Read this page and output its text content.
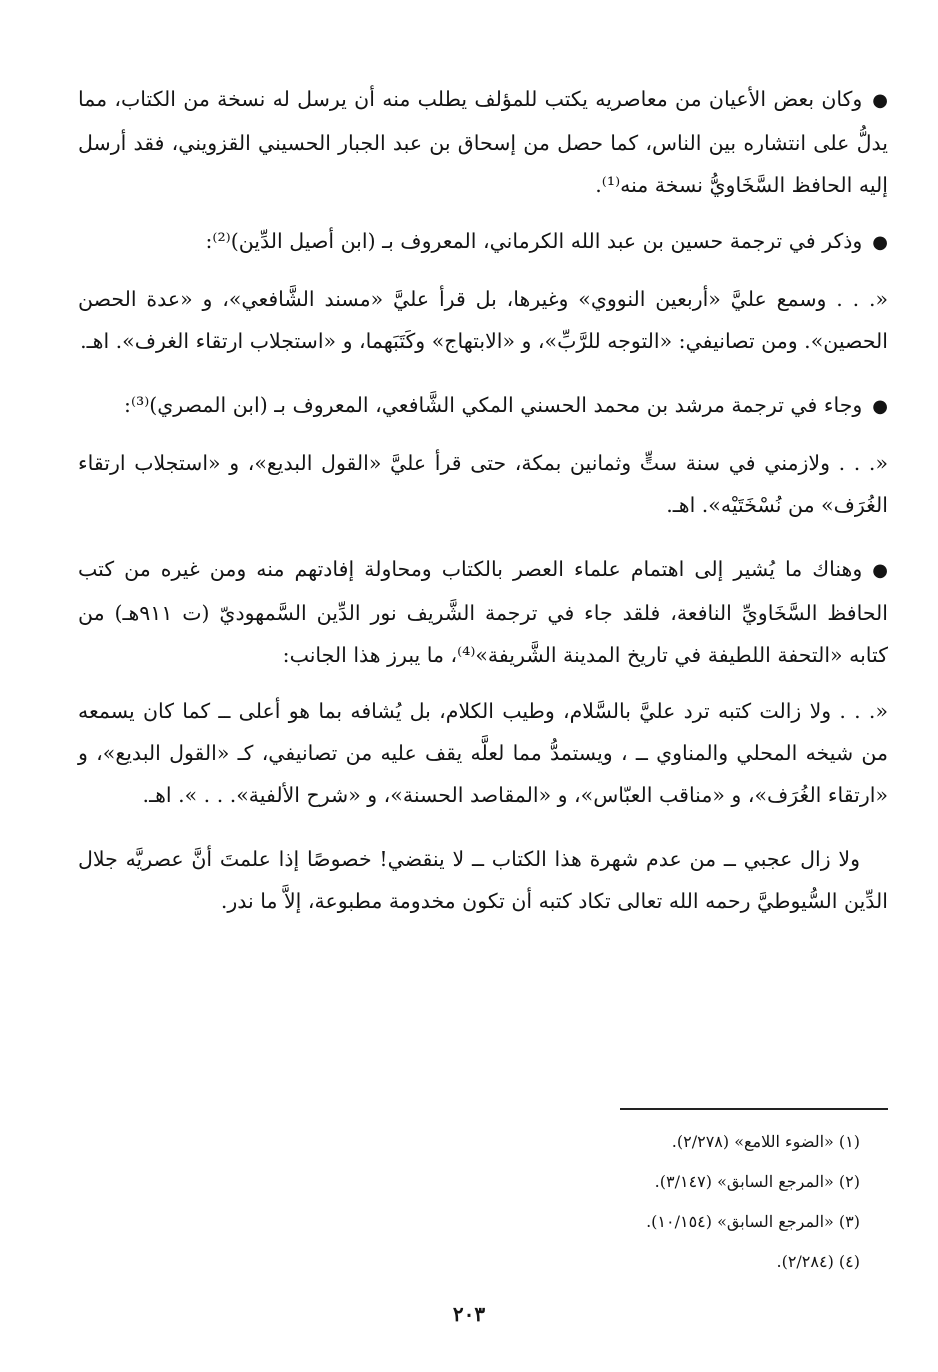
●وكان بعض الأعيان من معاصريه يكتب للمؤلف يطلب منه أن يرسل له نسخة من الكتاب، مما يدلُّ على انتشاره بين الناس، كما حصل من إسحاق بن عبد الجبار الحسيني القزويني، فقد أرسل إليه الحافظ السَّخَاويُّ نسخة منه⁽¹⁾.

●وذكر في ترجمة حسين بن عبد الله الكرماني، المعروف بـ (ابن أصيل الدِّين)⁽²⁾:

«. . . وسمع عليَّ «أربعين النووي» وغيرها، بل قرأ عليَّ «مسند الشَّافعي»، و «عدة الحصن الحصين». ومن تصانيفي: «التوجه للرَّبِّ»، و «الابتهاج» وكَتَبَهما، و «استجلاب ارتقاء الغرف». اهـ.

●وجاء في ترجمة مرشد بن محمد الحسني المكي الشَّافعي، المعروف بـ (ابن المصري)⁽³⁾:

«. . . ولازمني في سنة ستٍّ وثمانين بمكة، حتى قرأ عليَّ «القول البديع»، و «استجلاب ارتقاء الغُرَف» من نُسْخَتَيْه». اهـ.

●وهناك ما يُشير إلى اهتمام علماء العصر بالكتاب ومحاولة إفادتهم منه ومن غيره من كتب الحافظ السَّخَاويِّ النافعة، فلقد جاء في ترجمة الشَّريف نور الدِّين السَّمهوديّ (ت ٩١١هـ) من كتابه «التحفة اللطيفة في تاريخ المدينة الشَّريفة»⁽⁴⁾، ما يبرز هذا الجانب:

«. . . ولا زالت كتبه ترد عليَّ بالسَّلام، وطيب الكلام، بل يُشافه بما هو أعلى ــ كما كان يسمعه من شيخه المحلي والمناوي ــ ، ويستمدُّ مما لعلَّه يقف عليه من تصانيفي، كـ «القول البديع»، و «ارتقاء الغُرَف»، و «مناقب العبّاس»، و «المقاصد الحسنة»، و «شرح الألفية». . . ». اهـ.

ولا زال عجبي ــ من عدم شهرة هذا الكتاب ــ لا ينقضي! خصوصًا إذا علمتَ أنَّ عصريَّه جلال الدِّين السُّيوطيَّ رحمه الله تعالى تكاد كتبه أن تكون مخدومة مطبوعة، إلاَّ ما ندر.

(١) «الضوء اللامع» (٢/٢٧٨).

(٢) «المرجع السابق» (٣/١٤٧).

(٣) «المرجع السابق» (١٠/١٥٤).

(٤) (٢/٢٨٤).

٢٠٣
